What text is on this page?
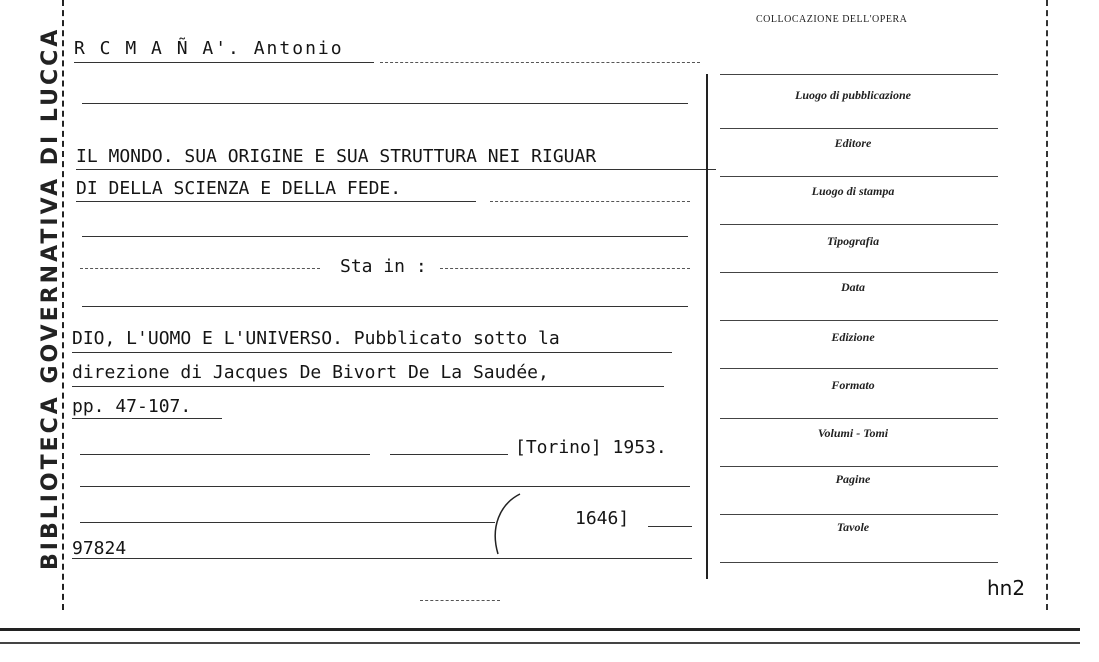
BIBLIOTECA GOVERNATIVA DI LUCCA
COLLOCAZIONE DELL'OPERA
R C M A Ñ A'. Antonio
IL MONDO. SUA ORIGINE E SUA STRUTTURA NEI RIGUAR
DI DELLA SCIENZA E DELLA FEDE.
Sta in :
DIO, L'UOMO E L'UNIVERSO. Pubblicato sotto la
direzione di Jacques De Bivort De La Saudée,
pp. 47-107.
[Torino] 1953.
1646]
97824
Luogo di pubblicazione
Editore
Luogo di stampa
Tipografia
Data
Edizione
Formato
Volumi - Tomi
Pagine
Tavole
hn2
